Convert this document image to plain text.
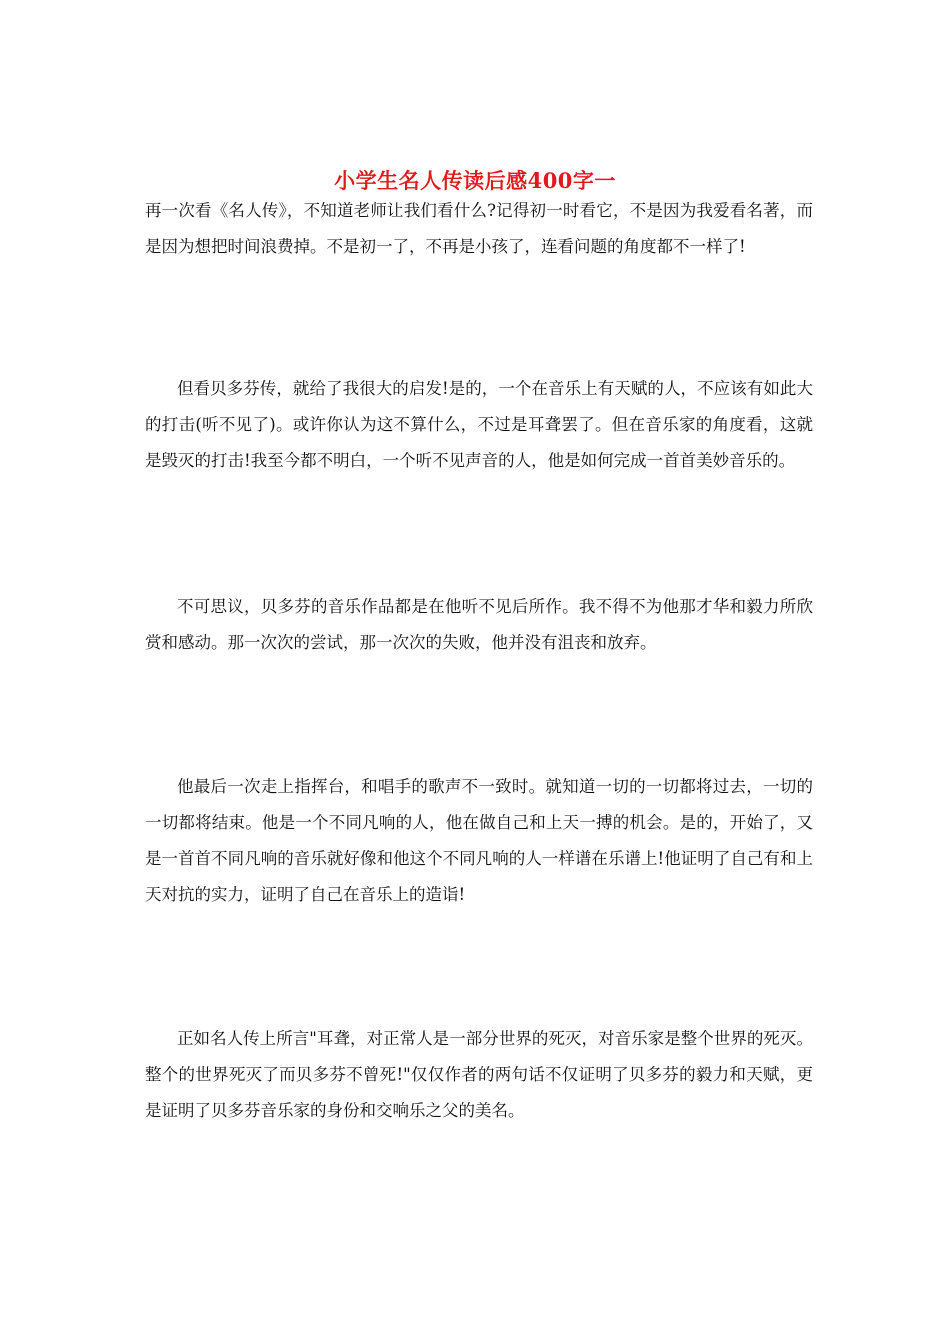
小学生名人传读后感400字一

再一次看《名人传》，不知道老师让我们看什么?记得初一时看它，不是因为我爱看名著，而是因为想把时间浪费掉。不是初一了，不再是小孩了，连看问题的角度都不一样了!

但看贝多芬传，就给了我很大的启发!是的，一个在音乐上有天赋的人，不应该有如此大的打击(听不见了)。或许你认为这不算什么，不过是耳聋罢了。但在音乐家的角度看，这就是毁灭的打击!我至今都不明白，一个听不见声音的人，他是如何完成一首首美妙音乐的。

不可思议，贝多芬的音乐作品都是在他听不见后所作。我不得不为他那才华和毅力所欣赏和感动。那一次次的尝试，那一次次的失败，他并没有沮丧和放弃。

他最后一次走上指挥台，和唱手的歌声不一致时。就知道一切的一切都将过去，一切的一切都将结束。他是一个不同凡响的人，他在做自己和上天一搏的机会。是的，开始了，又是一首首不同凡响的音乐就好像和他这个不同凡响的人一样谱在乐谱上!他证明了自己有和上天对抗的实力，证明了自己在音乐上的造诣!

正如名人传上所言"耳聋，对正常人是一部分世界的死灭，对音乐家是整个世界的死灭。整个的世界死灭了而贝多芬不曾死!"仅仅作者的两句话不仅证明了贝多芬的毅力和天赋，更是证明了贝多芬音乐家的身份和交响乐之父的美名。
